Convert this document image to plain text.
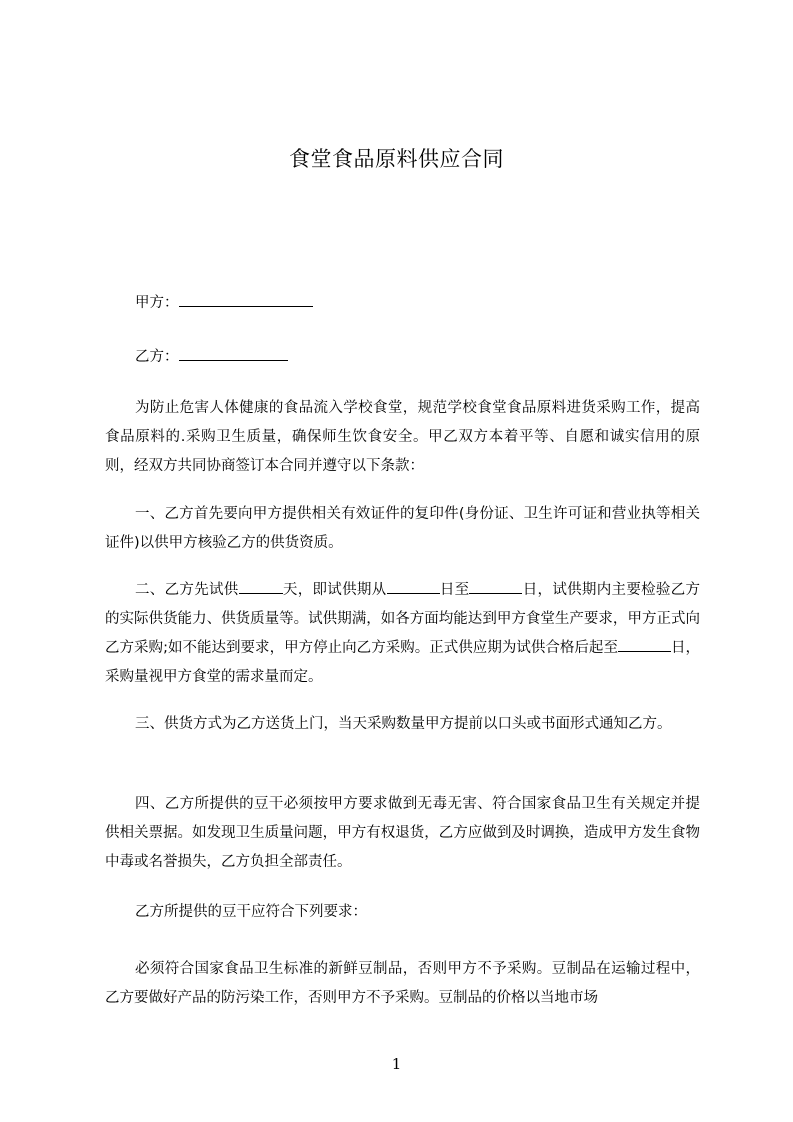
食堂食品原料供应合同
甲方：
乙方：

为防止危害人体健康的食品流入学校食堂，规范学校食堂食品原料进货采购工作，提高食品原料的.采购卫生质量，确保师生饮食安全。甲乙双方本着平等、自愿和诚实信用的原则，经双方共同协商签订本合同并遵守以下条款：

一、乙方首先要向甲方提供相关有效证件的复印件(身份证、卫生许可证和营业执等相关证件)以供甲方核验乙方的供货资质。

二、乙方先试供	天，即试供期从	日至	日，试供期内主要检验乙方的实际供货能力、供货质量等。试供期满，如各方面均能达到甲方食堂生产要求，甲方正式向乙方采购;如不能达到要求，甲方停止向乙方采购。正式供应期为试供合格后起至	日，采购量视甲方食堂的需求量而定。

三、供货方式为乙方送货上门，当天采购数量甲方提前以口头或书面形式通知乙方。

四、乙方所提供的豆干必须按甲方要求做到无毒无害、符合国家食品卫生有关规定并提供相关票据。如发现卫生质量问题，甲方有权退货，乙方应做到及时调换，造成甲方发生食物中毒或名誉损失，乙方负担全部责任。

乙方所提供的豆干应符合下列要求：

必须符合国家食品卫生标准的新鲜豆制品，否则甲方不予采购。豆制品在运输过程中，乙方要做好产品的防污染工作，否则甲方不予采购。豆制品的价格以当地市场

1
